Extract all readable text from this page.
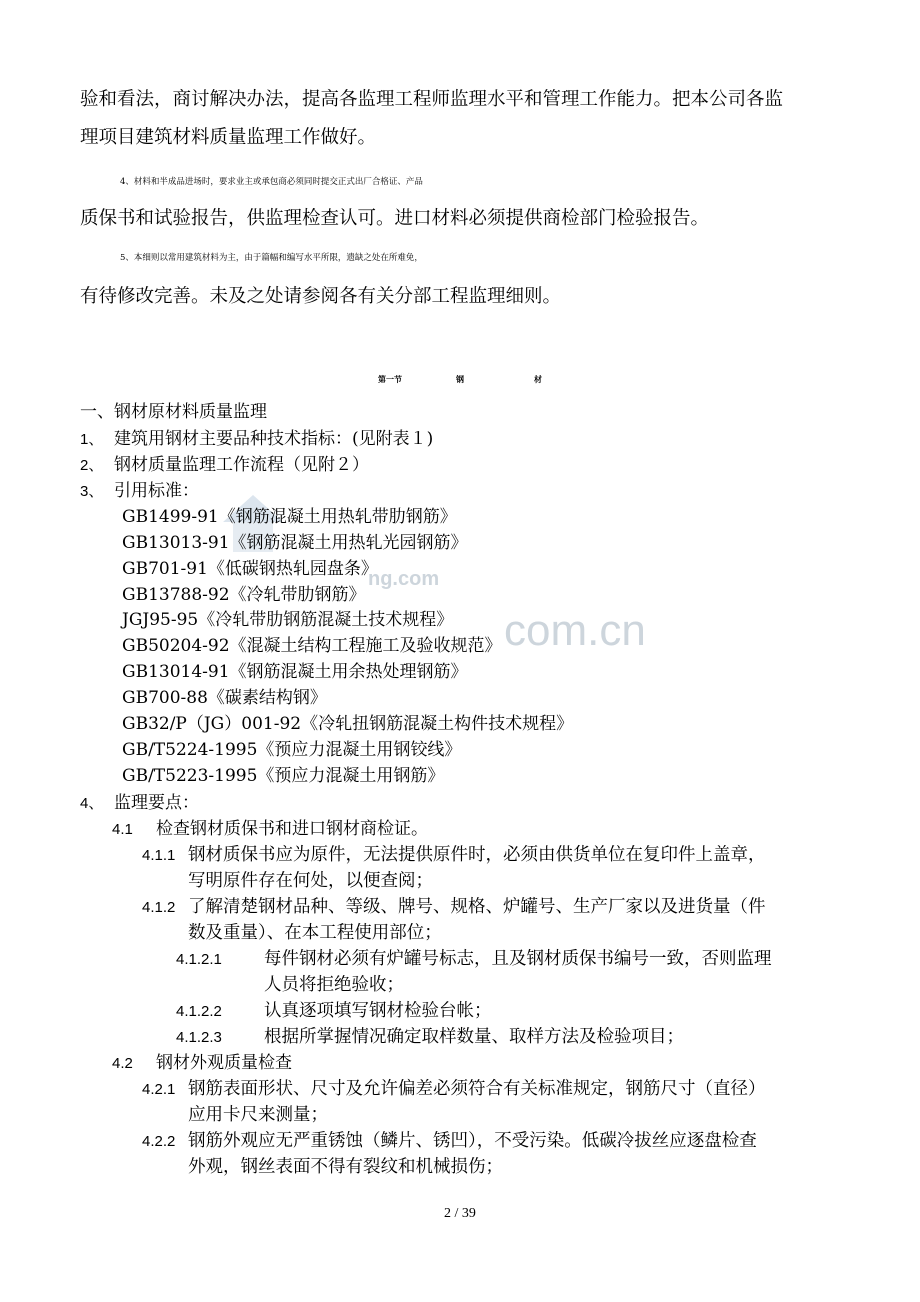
ng.com
com.cn
验和看法，商讨解决办法，提高各监理工程师监理水平和管理工作能力。把本公司各监
理项目建筑材料质量监理工作做好。
4、材料和半成品进场时，要求业主或承包商必须同时提交正式出厂合格证、产品
质保书和试验报告，供监理检查认可。进口材料必须提供商检部门检验报告。
5、本细则以常用建筑材料为主，由于篇幅和编写水平所限，遗缺之处在所难免，
有待修改完善。未及之处请参阅各有关分部工程监理细则。
第一节	钢	材
一、钢材原材料质量监理
1、 建筑用钢材主要品种技术指标：(见附表１)
2、 钢材质量监理工作流程（见附２）
3、 引用标准：
GB1499-91《钢筋混凝土用热轧带肋钢筋》
GB13013-91《钢筋混凝土用热轧光园钢筋》
GB701-91《低碳钢热轧园盘条》
GB13788-92《冷轧带肋钢筋》
JGJ95-95《冷轧带肋钢筋混凝土技术规程》
GB50204-92《混凝土结构工程施工及验收规范》
GB13014-91《钢筋混凝土用余热处理钢筋》
GB700-88《碳素结构钢》
GB32/P（JG）001-92《冷轧扭钢筋混凝土构件技术规程》
GB/T5224-1995《预应力混凝土用钢铰线》
GB/T5223-1995《预应力混凝土用钢筋》
4、 监理要点：
4.1 检查钢材质保书和进口钢材商检证。
4.1.1 钢材质保书应为原件，无法提供原件时，必须由供货单位在复印件上盖章，
写明原件存在何处，以便查阅；
4.1.2 了解清楚钢材品种、等级、牌号、规格、炉罐号、生产厂家以及进货量（件
数及重量）、在本工程使用部位；
4.1.2.1 每件钢材必须有炉罐号标志，且及钢材质保书编号一致，否则监理
人员将拒绝验收；
4.1.2.2 认真逐项填写钢材检验台帐；
4.1.2.3 根据所掌握情况确定取样数量、取样方法及检验项目；
4.2 钢材外观质量检查
4.2.1 钢筋表面形状、尺寸及允许偏差必须符合有关标准规定，钢筋尺寸（直径）
应用卡尺来测量；
4.2.2 钢筋外观应无严重锈蚀（鳞片、锈凹），不受污染。低碳冷拔丝应逐盘检查
外观，钢丝表面不得有裂纹和机械损伤；
2 / 39
